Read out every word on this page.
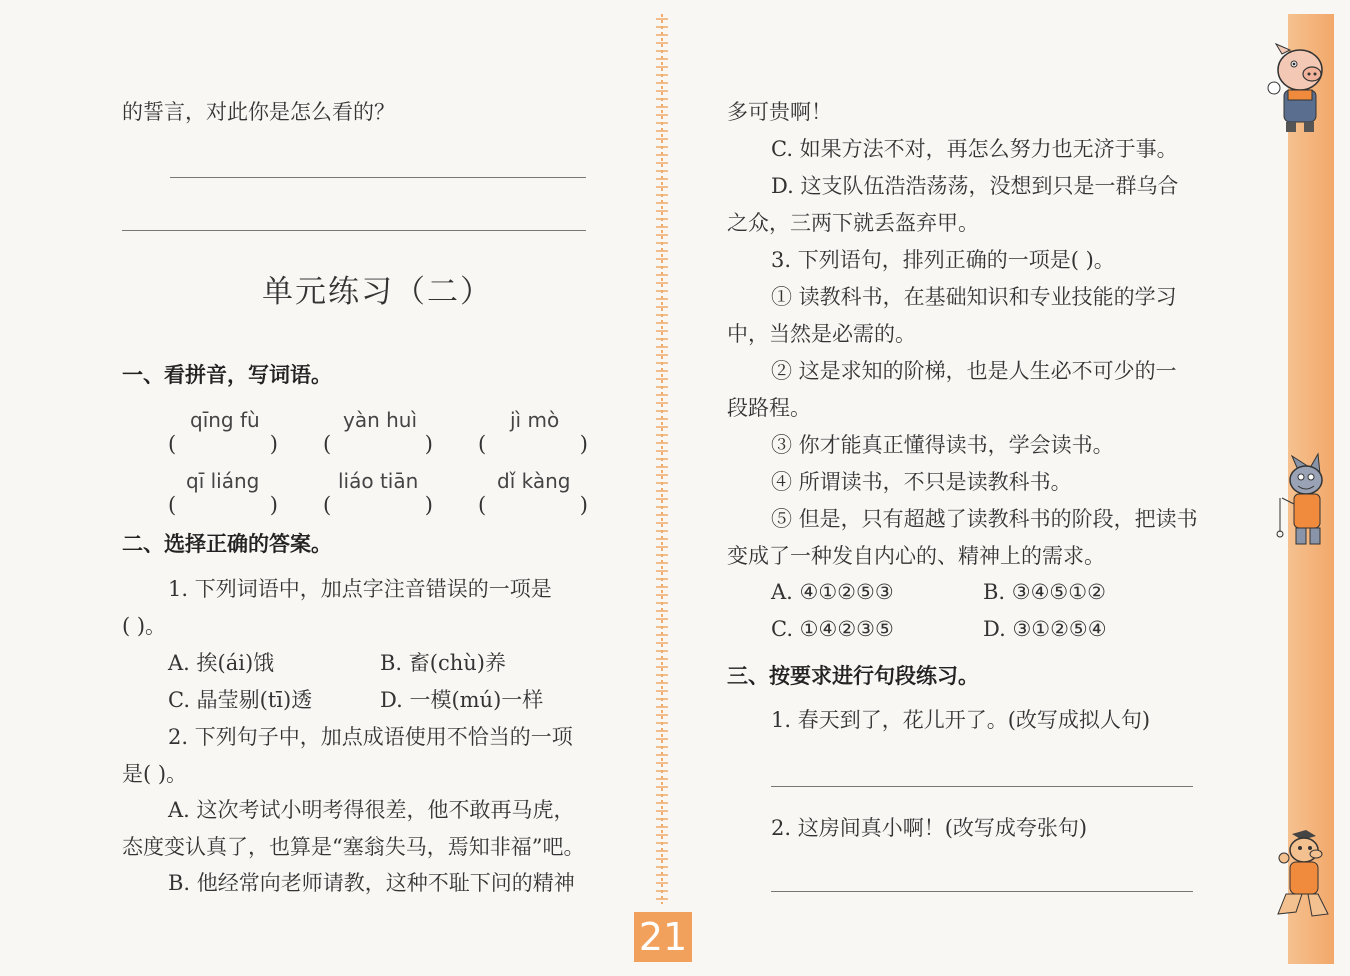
的誓言，对此你是怎么看的？
单元练习（二）
一、看拼音，写词语。
qīng fù	yàn huì	jì mò
(	) (	) (	)
qī liáng	liáo tiān	dǐ kàng
(	) (	) (	)
二、选择正确的答案。
1. 下列词语中，加点字注音错误的一项是
( )。
A. 挨(ái)饿	B. 畜(chù)养
C. 晶莹剔(tī)透	D. 一模(mú)一样
2. 下列句子中，加点成语使用不恰当的一项
是( )。
A. 这次考试小明考得很差，他不敢再马虎，
态度变认真了，也算是“塞翁失马，焉知非福”吧。
B. 他经常向老师请教，这种不耻下问的精神
多可贵啊！
C. 如果方法不对，再怎么努力也无济于事。
D. 这支队伍浩浩荡荡，没想到只是一群乌合
之众，三两下就丢盔弃甲。
3. 下列语句，排列正确的一项是( )。
① 读教科书，在基础知识和专业技能的学习
中，当然是必需的。
② 这是求知的阶梯，也是人生必不可少的一
段路程。
③ 你才能真正懂得读书，学会读书。
④ 所谓读书，不只是读教科书。
⑤ 但是，只有超越了读教科书的阶段，把读书
变成了一种发自内心的、精神上的需求。
A. ④①②⑤③	B. ③④⑤①②
C. ①④②③⑤	D. ③①②⑤④
三、按要求进行句段练习。
1. 春天到了，花儿开了。(改写成拟人句)
2. 这房间真小啊！(改写成夸张句)
21
